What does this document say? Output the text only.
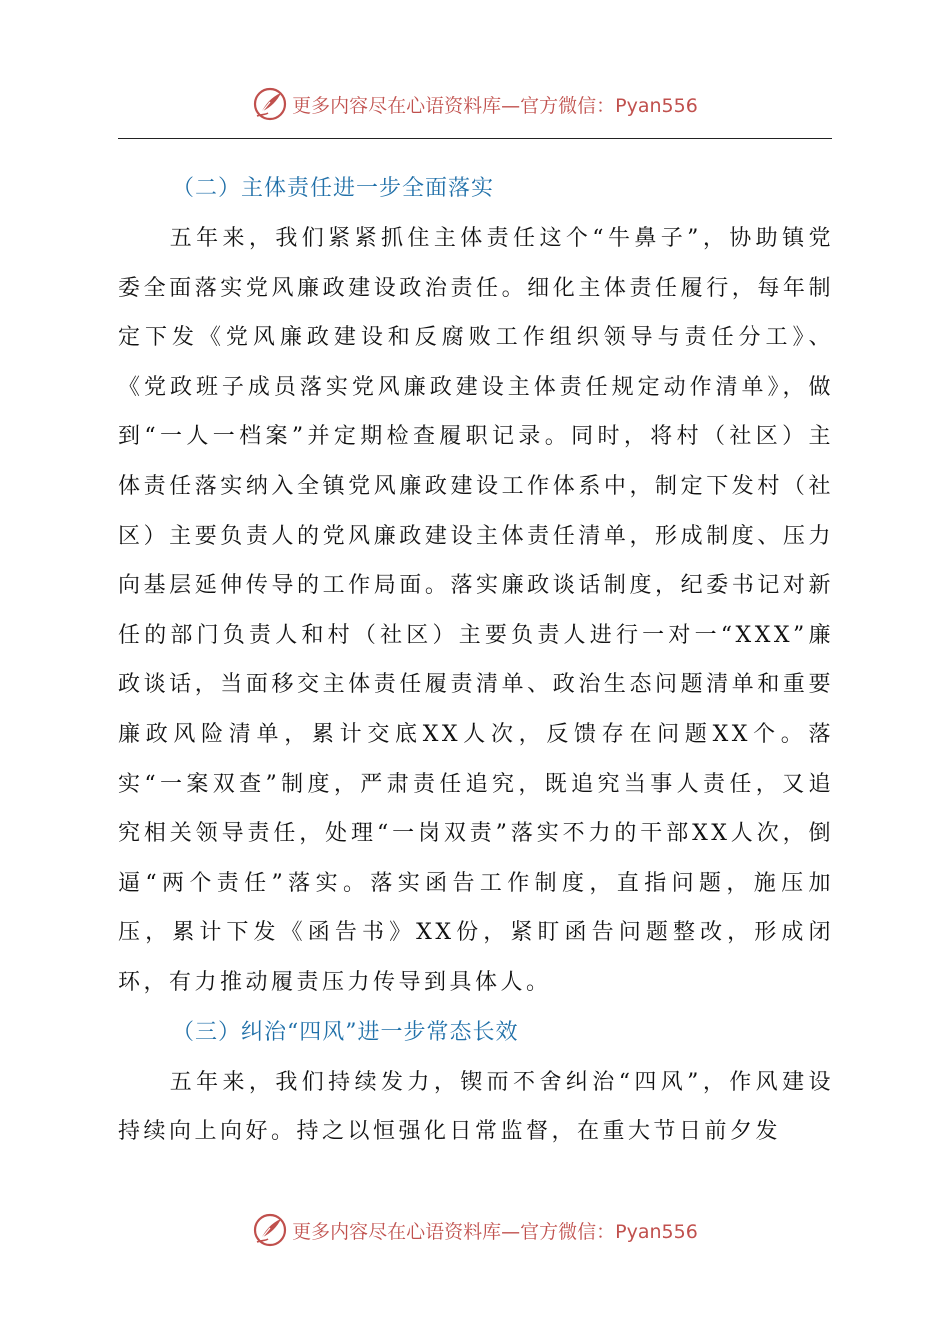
更多内容尽在心语资料库—官方微信：Pyan556
（二）主体责任进一步全面落实

五年来，我们紧紧抓住主体责任这个“牛鼻子”，协助镇党委全面落实党风廉政建设政治责任。细化主体责任履行，每年制定下发《党风廉政建设和反腐败工作组织领导与责任分工》、《党政班子成员落实党风廉政建设主体责任规定动作清单》，做到“一人一档案”并定期检查履职记录。同时，将村（社区）主体责任落实纳入全镇党风廉政建设工作体系中，制定下发村（社区）主要负责人的党风廉政建设主体责任清单，形成制度、压力向基层延伸传导的工作局面。落实廉政谈话制度，纪委书记对新任的部门负责人和村（社区）主要负责人进行一对一“XXX”廉政谈话，当面移交主体责任履责清单、政治生态问题清单和重要廉政风险清单，累计交底XX人次，反馈存在问题XX个。落实“一案双查”制度，严肃责任追究，既追究当事人责任，又追究相关领导责任，处理“一岗双责”落实不力的干部XX人次，倒逼“两个责任”落实。落实函告工作制度，直指问题，施压加压，累计下发《函告书》XX份，紧盯函告问题整改，形成闭环，有力推动履责压力传导到具体人。

（三）纠治“四风”进一步常态长效

五年来，我们持续发力，锲而不舍纠治“四风”，作风建设持续向上向好。持之以恒强化日常监督，在重大节日前夕发

更多内容尽在心语资料库—官方微信：Pyan556
